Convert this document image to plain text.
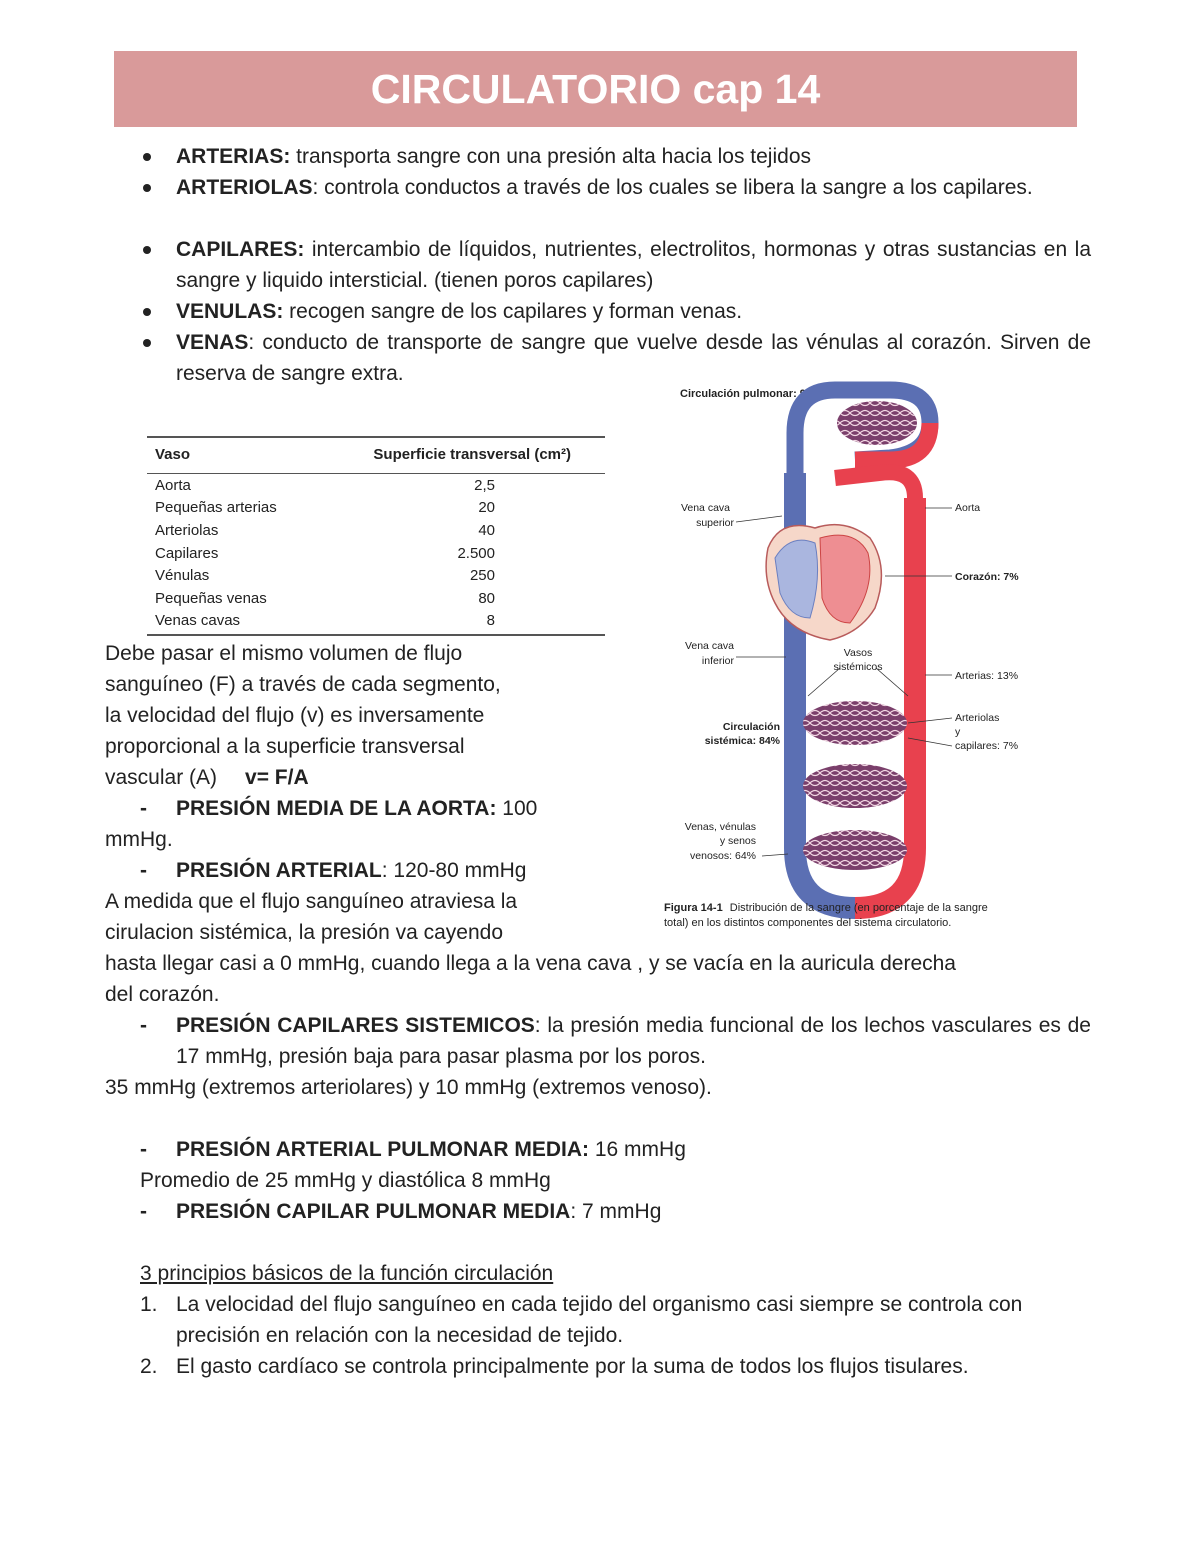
CIRCULATORIO cap 14
ARTERIAS: transporta sangre con una presión alta hacia los tejidos
ARTERIOLAS: controla conductos a través de los cuales se libera la sangre a los capilares.
CAPILARES: intercambio de líquidos, nutrientes, electrolitos, hormonas y otras sustancias en la sangre y liquido intersticial. (tienen poros capilares)
VENULAS: recogen sangre de los capilares y forman venas.
VENAS: conducto de transporte de sangre que vuelve desde las vénulas al corazón. Sirven de reserva de sangre extra.
Vaso	Superficie transversal (cm²)

Aorta	2,5
Pequeñas arterias	20
Arteriolas	40
Capilares	2.500
Vénulas	250
Pequeñas venas	80
Venas cavas	8
Debe pasar el mismo volumen de flujo
sanguíneo (F) a través de cada segmento,
la velocidad del flujo (v) es inversamente
proporcional a la superficie transversal
vascular (A) v= F/A
- PRESIÓN MEDIA DE LA AORTA: 100
mmHg.
- PRESIÓN ARTERIAL: 120-80 mmHg
A medida que el flujo sanguíneo atraviesa la
cirulacion sistémica, la presión va cayendo
hasta llegar casi a 0 mmHg, cuando llega a la vena cava , y se vacía en la auricula derecha
del corazón.
- PRESIÓN CAPILARES SISTEMICOS: la presión media funcional de los lechos vasculares es de 17 mmHg, presión baja para pasar plasma por los poros.
35 mmHg (extremos arteriolares) y 10 mmHg (extremos venoso).
- PRESIÓN ARTERIAL PULMONAR MEDIA: 16 mmHg
Promedio de 25 mmHg y diastólica 8 mmHg
- PRESIÓN CAPILAR PULMONAR MEDIA: 7 mmHg
3 principios básicos de la función circulación
1. La velocidad del flujo sanguíneo en cada tejido del organismo casi siempre se controla con precisión en relación con la necesidad de tejido.
2. El gasto cardíaco se controla principalmente por la suma de todos los flujos tisulares.
Circulación pulmonar: 9%
Vena cava
superior
Aorta
Corazón: 7%
Vena cava
inferior
Vasos
sistémicos
Arterias: 13%
Circulación
sistémica: 84%
Arteriolas
y
capilares: 7%
Venas, vénulas
y senos
venosos: 64%
Figura 14-1 Distribución de la sangre (en porcentaje de la sangre
total) en los distintos componentes del sistema circulatorio.
